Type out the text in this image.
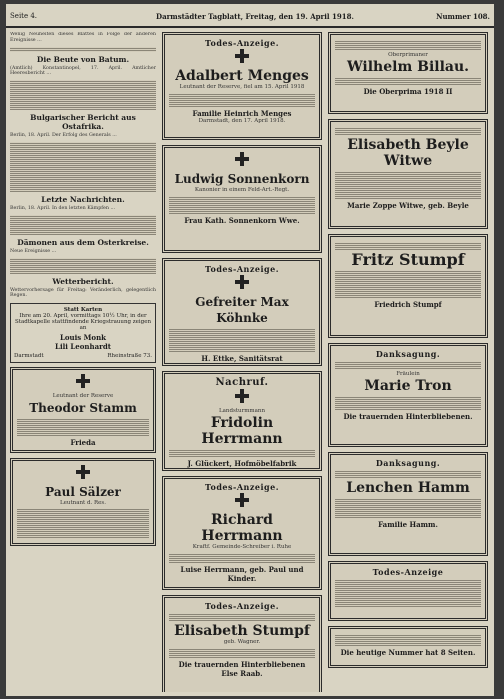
Seite 4.	Darmstädter Tagblatt, Freitag, den 19. April 1918.	Nummer 108.

Wenig Neuheiten dieses Blattes in Folge der anderen Ereignisse ...

Die Beute von Batum.

(Amtlich) Konstantinopel, 17. April. Amtlicher Heeresbericht ...

Bulgarischer Bericht aus Ostafrika.

Berlin, 18. April. Der Erfolg des Generals ...

Letzte Nachrichten.

Berlin, 18. April. In den letzten Kämpfen ...

Dämonen aus dem Osterkreise.

Neue Ereignisse ...

Wetterbericht.

Wettervorhersage für Freitag: Veränderlich, gelegentlich Regen.

Statt Karten
Ihre am 20. April, vormittags 10½ Uhr, in der Stadtkapelle stattfindende Kriegstrauung zeigen an
Louis Monk
Lili Leonhardt
Darmstadt	Rheinstraße 73.
Leutnant der Reserve
Theodor Stamm
Frieda
Paul Sälzer
Leutnant d. Res.
Todes-Anzeige.
Adalbert Menges
Leutnant der Reserve, fiel am 15. April 1918
Familie Heinrich Menges
Darmstadt, den 17. April 1918.
Ludwig Sonnenkorn
Kanonier in einem Feld-Art.-Regt.
Frau Kath. Sonnenkorn Wwe.
Todes-Anzeige.
Gefreiter Max Köhnke
H. Ettke, Sanitätsrat
Nachruf.
Landsturmmann
Fridolin Herrmann
J. Glückert, Hofmöbelfabrik
Todes-Anzeige.
Richard Herrmann
Kraftf. Gemeinde-Schreiber i. Ruhe
Luise Herrmann, geb. Paul und Kinder.
Todes-Anzeige.
Elisabeth Stumpf
geb. Wagner.
Die trauernden Hinterbliebenen
Else Raab.
Oberprimaner
Wilhelm Billau.
Die Oberprima 1918 II
Elisabeth Beyle Witwe
Marie Zoppe Witwe, geb. Beyle
Fritz Stumpf
Friedrich Stumpf
Danksagung.
Fräulein
Marie Tron
Die trauernden Hinterbliebenen.
Danksagung.
Lenchen Hamm
Familie Hamm.
Todes-Anzeige
Die heutige Nummer hat 8 Seiten.
